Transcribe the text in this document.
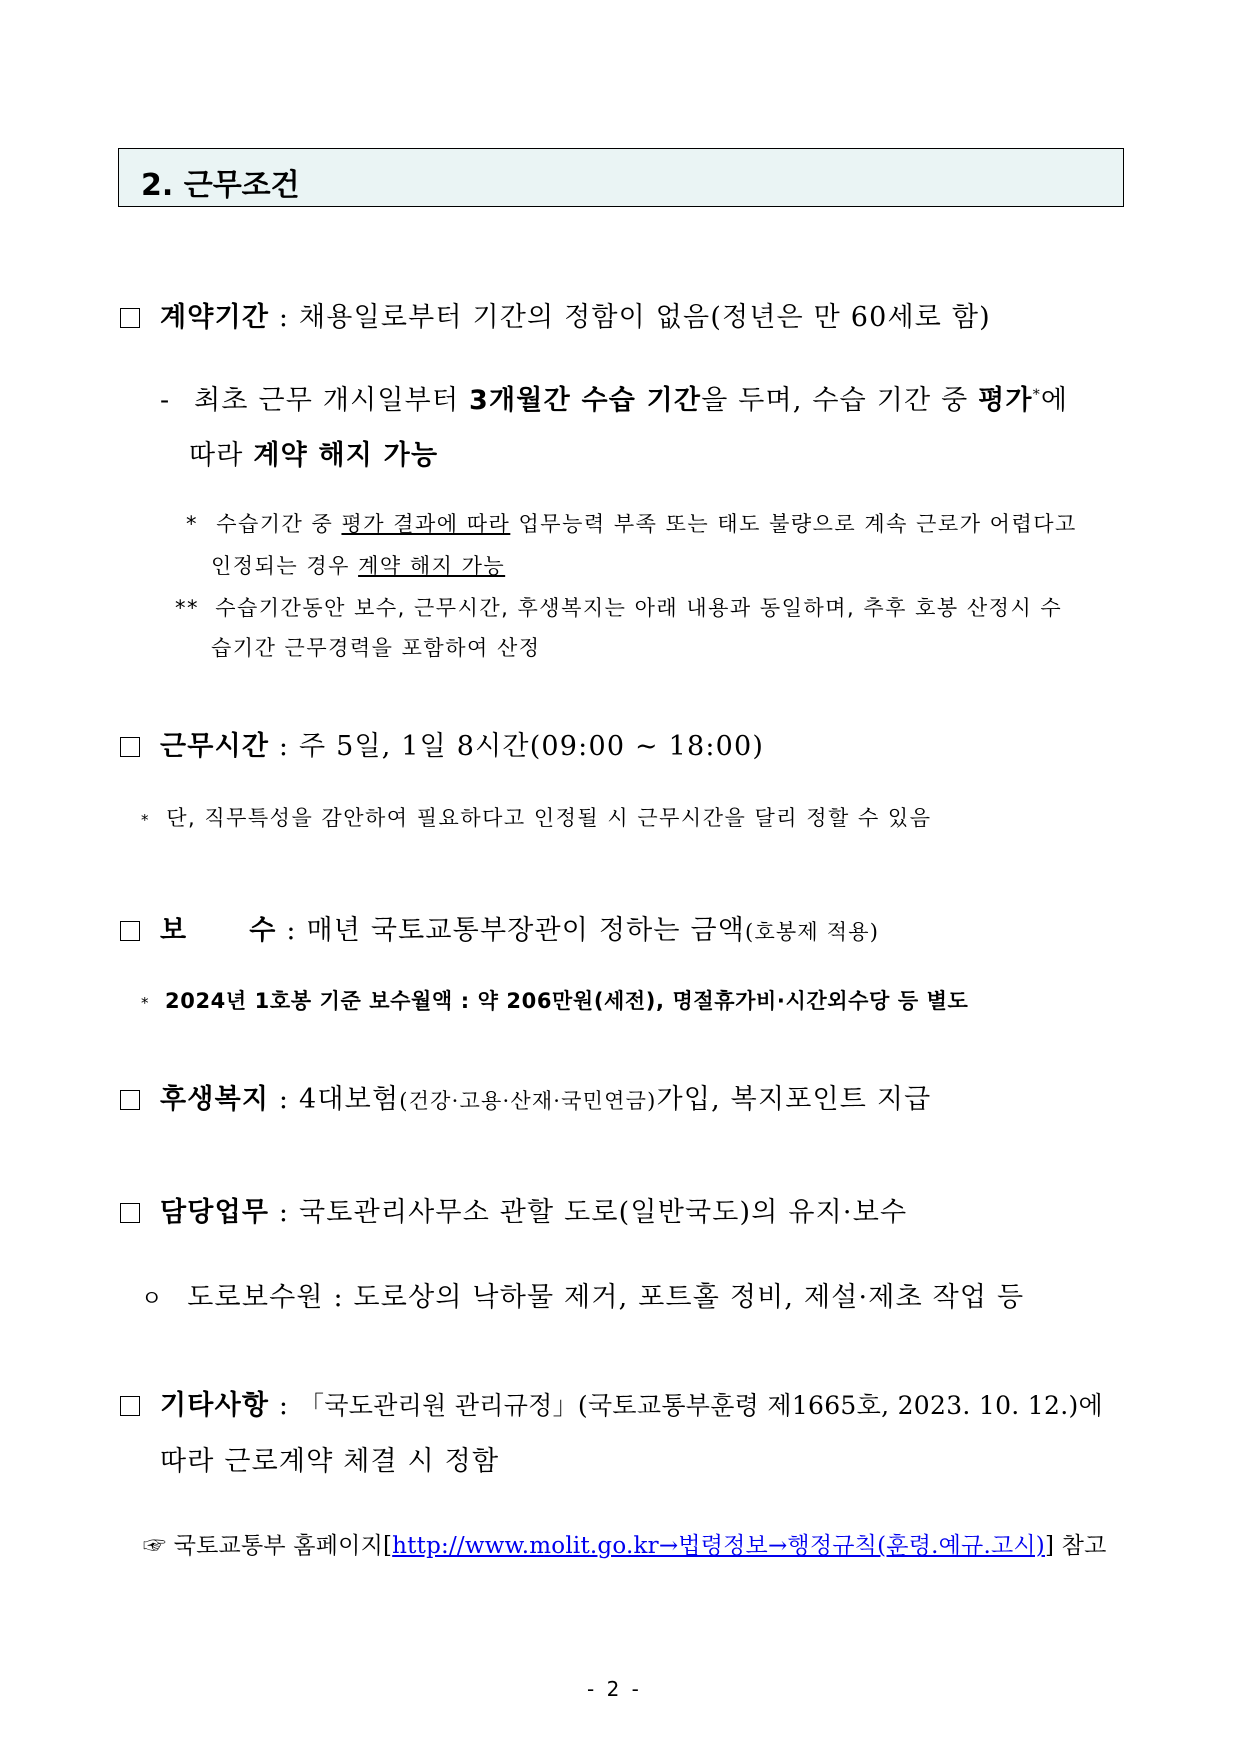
2. 근무조건
계약기간 : 채용일로부터 기간의 정함이 없음(정년은 만 60세로 함)
- 최초 근무 개시일부터 3개월간 수습 기간을 두며, 수습 기간 중 평가*에
따라 계약 해지 가능
* 수습기간 중 평가 결과에 따라 업무능력 부족 또는 태도 불량으로 계속 근로가 어렵다고
인정되는 경우 계약 해지 가능
** 수습기간동안 보수, 근무시간, 후생복지는 아래 내용과 동일하며, 추후 호봉 산정시 수
습기간 근무경력을 포함하여 산정
근무시간 : 주 5일, 1일 8시간(09:00 ~ 18:00)
* 단, 직무특성을 감안하여 필요하다고 인정될 시 근무시간을 달리 정할 수 있음
보 수 : 매년 국토교통부장관이 정하는 금액(호봉제 적용)
* 2024년 1호봉 기준 보수월액 : 약 206만원(세전), 명절휴가비·시간외수당 등 별도
후생복지 : 4대보험(건강·고용·산재·국민연금)가입, 복지포인트 지급
담당업무 : 국토관리사무소 관할 도로(일반국도)의 유지·보수
ㅇ 도로보수원 : 도로상의 낙하물 제거, 포트홀 정비, 제설·제초 작업 등
기타사항 : 「국도관리원 관리규정」(국토교통부훈령 제1665호, 2023. 10. 12.)에
따라 근로계약 체결 시 정함
☞ 국토교통부 홈페이지[http://www.molit.go.kr→법령정보→행정규칙(훈령.예규.고시)] 참고
- 2 -
